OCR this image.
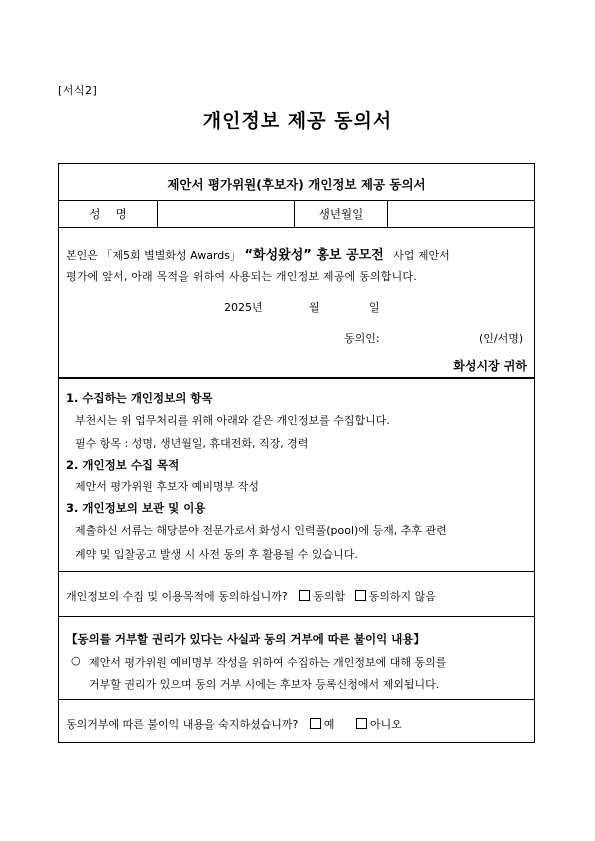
[서식2]
개인정보 제공 동의서
제안서 평가위원(후보자) 개인정보 제공 동의서
성　 명	생년월일
본인은 「제5회 별별화성 Awards」 “화성왔성” 홍보 공모전 사업 제안서
평가에 앞서, 아래 목적을 위하여 사용되는 개인정보 제공에 동의합니다.
2025년	월	일
동의인:	(인/서명)
화성시장 귀하
1. 수집하는 개인정보의 항목
부천시는 위 업무처리를 위해 아래와 같은 개인정보를 수집합니다.
필수 항목 : 성명, 생년월일, 휴대전화, 직장, 경력
2. 개인정보 수집 목적
제안서 평가위원 후보자 예비명부 작성
3. 개인정보의 보관 및 이용
제출하신 서류는 해당분야 전문가로서 화성시 인력풀(pool)에 등재, 추후 관련
계약 및 입찰공고 발생 시 사전 동의 후 활용될 수 있습니다.
개인정보의 수집 및 이용목적에 동의하십니까? 동의함 동의하지 않음
【동의를 거부할 권리가 있다는 사실과 동의 거부에 따른 불이익 내용】
○ 제안서 평가위원 예비명부 작성을 위하여 수집하는 개인정보에 대해 동의를
거부할 권리가 있으며 동의 거부 시에는 후보자 등록신청에서 제외됩니다.
동의거부에 따른 불이익 내용을 숙지하셨습니까? 예	아니오
